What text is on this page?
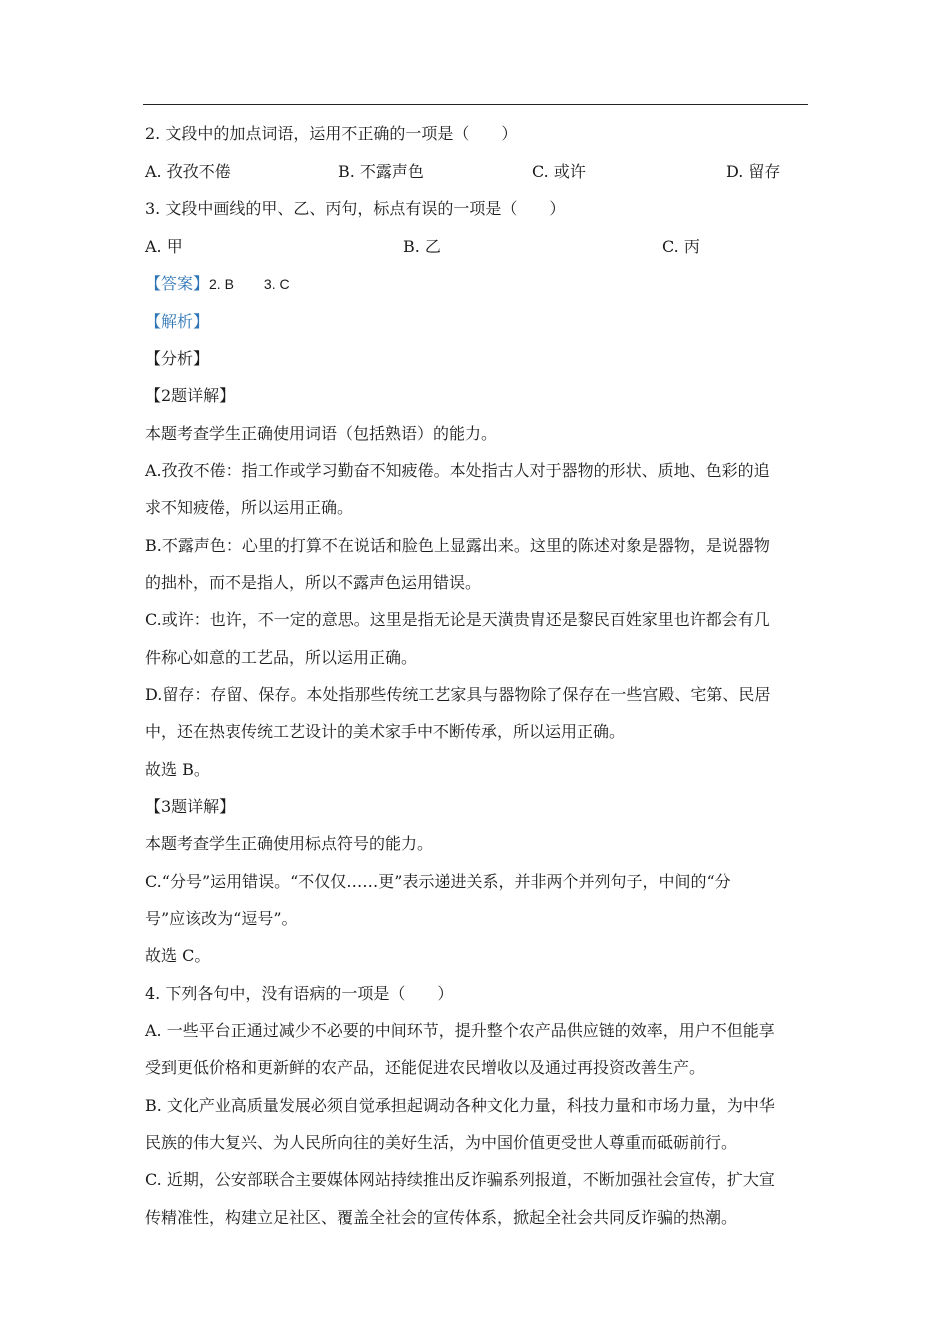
2. 文段中的加点词语，运用不正确的一项是（　　）
A. 孜孜不倦	B. 不露声色	C. 或许	D. 留存
3. 文段中画线的甲、乙、丙句，标点有误的一项是（　　）
A. 甲	B. 乙	C. 丙
【答案】2. B 3. C
【解析】
【分析】
【2题详解】
本题考查学生正确使用词语（包括熟语）的能力。
A.孜孜不倦：指工作或学习勤奋不知疲倦。本处指古人对于器物的形状、质地、色彩的追
求不知疲倦，所以运用正确。
B.不露声色：心里的打算不在说话和脸色上显露出来。这里的陈述对象是器物，是说器物
的拙朴，而不是指人，所以不露声色运用错误。
C.或许：也许，不一定的意思。这里是指无论是天潢贵胄还是黎民百姓家里也许都会有几
件称心如意的工艺品，所以运用正确。
D.留存：存留、保存。本处指那些传统工艺家具与器物除了保存在一些宫殿、宅第、民居
中，还在热衷传统工艺设计的美术家手中不断传承，所以运用正确。
故选 B。
【3题详解】
本题考查学生正确使用标点符号的能力。
C.“分号”运用错误。“不仅仅……更”表示递进关系，并非两个并列句子，中间的“分
号”应该改为“逗号”。
故选 C。
4. 下列各句中，没有语病的一项是（　　）
A. 一些平台正通过减少不必要的中间环节，提升整个农产品供应链的效率，用户不但能享
受到更低价格和更新鲜的农产品，还能促进农民增收以及通过再投资改善生产。
B. 文化产业高质量发展必须自觉承担起调动各种文化力量，科技力量和市场力量，为中华
民族的伟大复兴、为人民所向往的美好生活，为中国价值更受世人尊重而砥砺前行。
C. 近期，公安部联合主要媒体网站持续推出反诈骗系列报道，不断加强社会宣传，扩大宣
传精准性，构建立足社区、覆盖全社会的宣传体系，掀起全社会共同反诈骗的热潮。
